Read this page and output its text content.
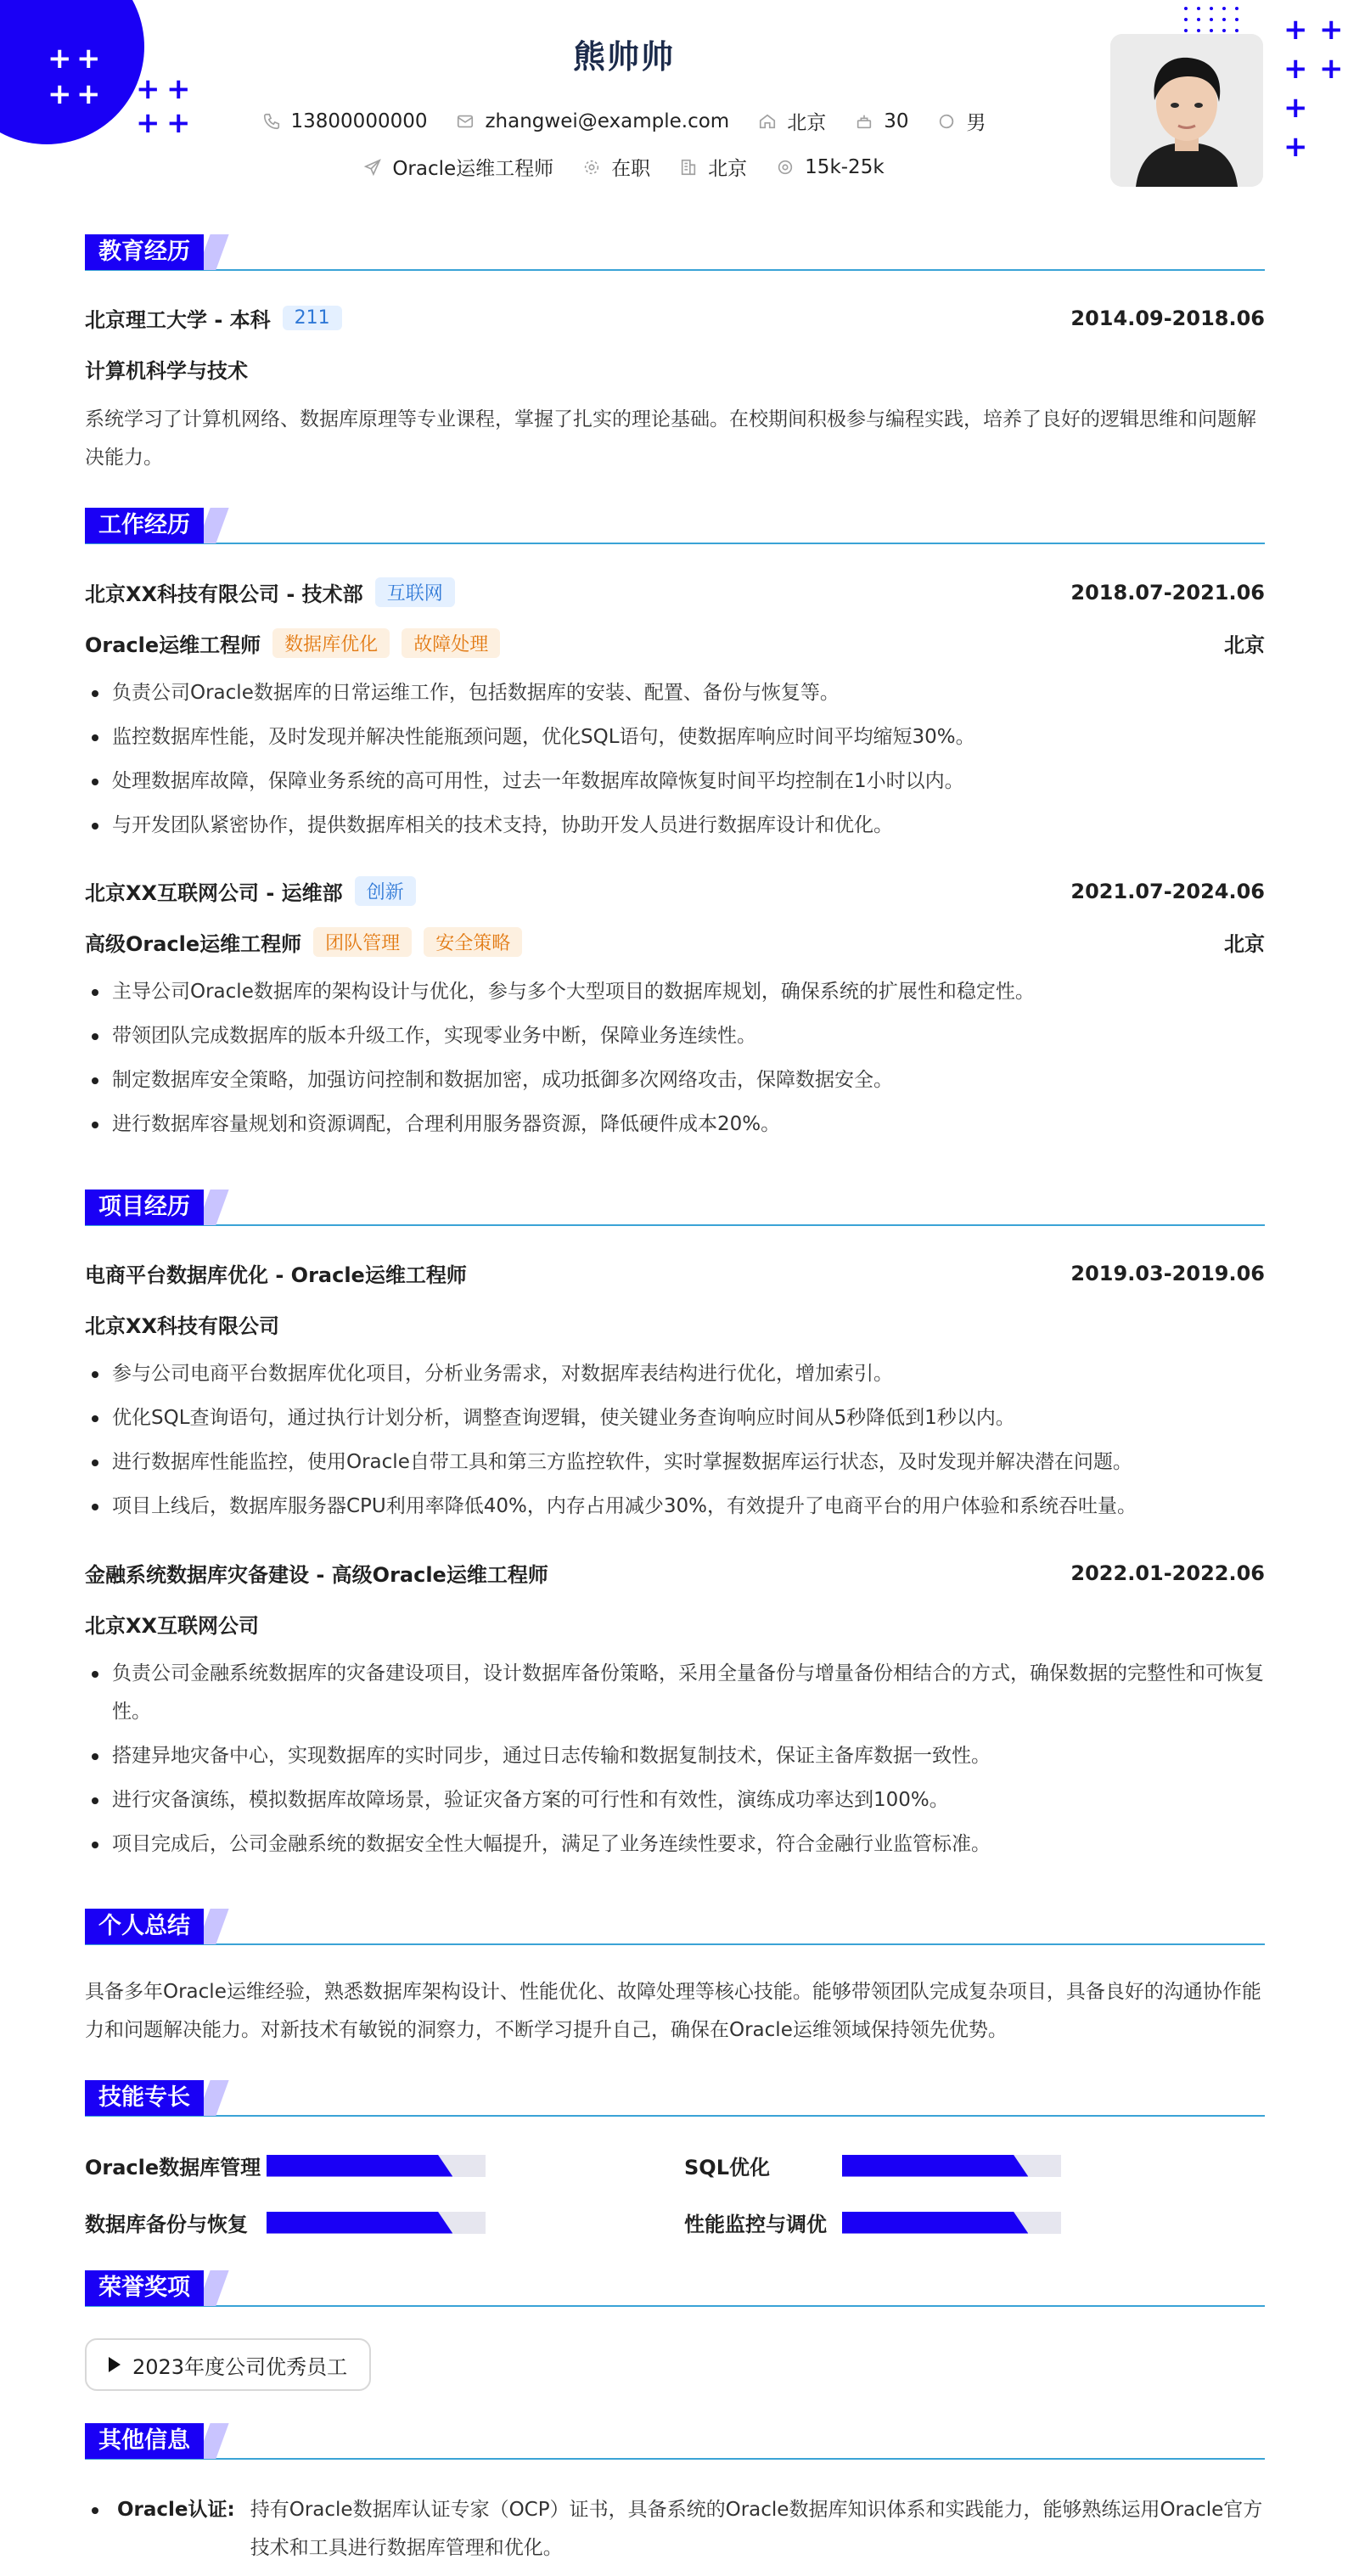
+ +
+ + + +
+ +
+ +
+ +
+
+
熊帅帅
13800000000	zhangwei@example.com	北京	30	男
Oracle运维工程师	在职	北京	15k-25k
教育经历
北京理工大学 - 本科	211	2014.09-2018.06
计算机科学与技术
系统学习了计算机网络、数据库原理等专业课程，掌握了扎实的理论基础。在校期间积极参与编程实践，培养了良好的逻辑思维和问题解决能力。
工作经历
北京XX科技有限公司 - 技术部	互联网	2018.07-2021.06
Oracle运维工程师	数据库优化	故障处理	北京
负责公司Oracle数据库的日常运维工作，包括数据库的安装、配置、备份与恢复等。
监控数据库性能，及时发现并解决性能瓶颈问题，优化SQL语句，使数据库响应时间平均缩短30%。
处理数据库故障，保障业务系统的高可用性，过去一年数据库故障恢复时间平均控制在1小时以内。
与开发团队紧密协作，提供数据库相关的技术支持，协助开发人员进行数据库设计和优化。
北京XX互联网公司 - 运维部	创新	2021.07-2024.06
高级Oracle运维工程师	团队管理	安全策略	北京
主导公司Oracle数据库的架构设计与优化，参与多个大型项目的数据库规划，确保系统的扩展性和稳定性。
带领团队完成数据库的版本升级工作，实现零业务中断，保障业务连续性。
制定数据库安全策略，加强访问控制和数据加密，成功抵御多次网络攻击，保障数据安全。
进行数据库容量规划和资源调配，合理利用服务器资源，降低硬件成本20%。
项目经历
电商平台数据库优化 - Oracle运维工程师	2019.03-2019.06
北京XX科技有限公司
参与公司电商平台数据库优化项目，分析业务需求，对数据库表结构进行优化，增加索引。
优化SQL查询语句，通过执行计划分析，调整查询逻辑，使关键业务查询响应时间从5秒降低到1秒以内。
进行数据库性能监控，使用Oracle自带工具和第三方监控软件，实时掌握数据库运行状态，及时发现并解决潜在问题。
项目上线后，数据库服务器CPU利用率降低40%，内存占用减少30%，有效提升了电商平台的用户体验和系统吞吐量。
金融系统数据库灾备建设 - 高级Oracle运维工程师	2022.01-2022.06
北京XX互联网公司
负责公司金融系统数据库的灾备建设项目，设计数据库备份策略，采用全量备份与增量备份相结合的方式，确保数据的完整性和可恢复性。
搭建异地灾备中心，实现数据库的实时同步，通过日志传输和数据复制技术，保证主备库数据一致性。
进行灾备演练，模拟数据库故障场景，验证灾备方案的可行性和有效性，演练成功率达到100%。
项目完成后，公司金融系统的数据安全性大幅提升，满足了业务连续性要求，符合金融行业监管标准。
个人总结
具备多年Oracle运维经验，熟悉数据库架构设计、性能优化、故障处理等核心技能。能够带领团队完成复杂项目，具备良好的沟通协作能力和问题解决能力。对新技术有敏锐的洞察力，不断学习提升自己，确保在Oracle运维领域保持领先优势。
技能专长
Oracle数据库管理	SQL优化
数据库备份与恢复	性能监控与调优
荣誉奖项
2023年度公司优秀员工
其他信息
Oracle认证: 持有Oracle数据库认证专家（OCP）证书，具备系统的Oracle数据库知识体系和实践能力，能够熟练运用Oracle官方技术和工具进行数据库管理和优化。
